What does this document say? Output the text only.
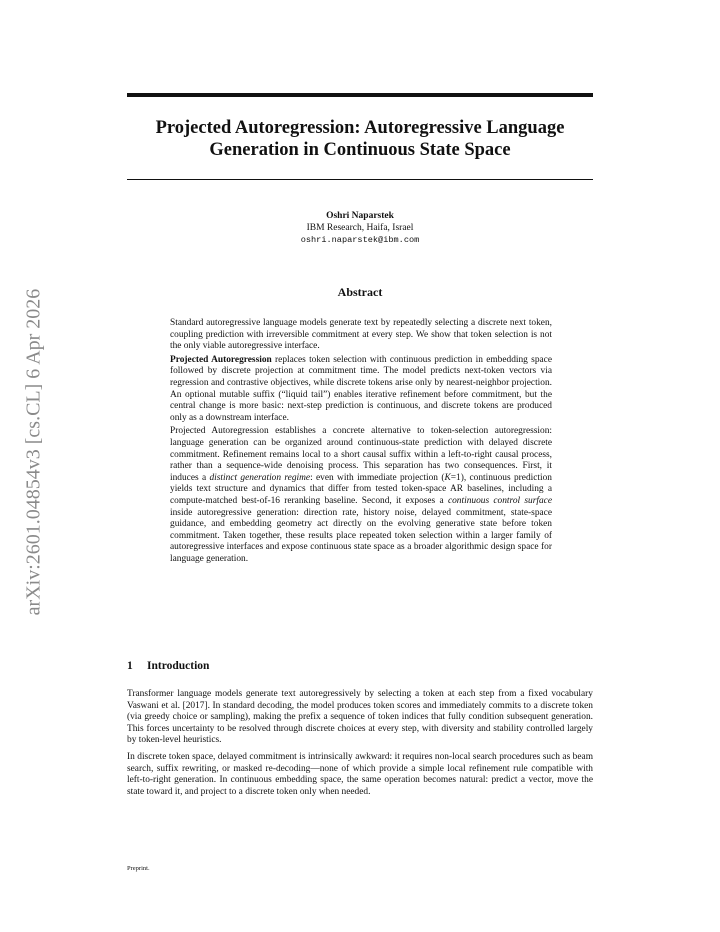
arXiv:2601.04854v3 [cs.CL] 6 Apr 2026
Projected Autoregression: Autoregressive Language
Generation in Continuous State Space
Oshri Naparstek
IBM Research, Haifa, Israel
oshri.naparstek@ibm.com
Abstract

Standard autoregressive language models generate text by repeatedly selecting a discrete next token, coupling prediction with irreversible commitment at every step. We show that token selection is not the only viable autoregressive interface.

Projected Autoregression replaces token selection with continuous prediction in embedding space followed by discrete projection at commitment time. The model predicts next-token vectors via regression and contrastive objectives, while discrete tokens arise only by nearest-neighbor projection. An optional mutable suffix (“liquid tail”) enables iterative refinement before commitment, but the central change is more basic: next-step prediction is continuous, and discrete tokens are produced only as a downstream interface.

Projected Autoregression establishes a concrete alternative to token-selection autoregression: language generation can be organized around continuous-state prediction with delayed discrete commitment. Refinement remains local to a short causal suffix within a left-to-right causal process, rather than a sequence-wide denoising process. This separation has two consequences. First, it induces a distinct generation regime: even with immediate projection (K=1), continuous prediction yields text structure and dynamics that differ from tested token-space AR baselines, including a compute-matched best-of-16 reranking baseline. Second, it exposes a continuous control surface inside autoregressive generation: direction rate, history noise, delayed commitment, state-space guidance, and embedding geometry act directly on the evolving generative state before token commitment. Taken together, these results place repeated token selection within a larger family of autoregressive interfaces and expose continuous state space as a broader algorithmic design space for language generation.

1 Introduction

Transformer language models generate text autoregressively by selecting a token at each step from a fixed vocabulary Vaswani et al. [2017]. In standard decoding, the model produces token scores and immediately commits to a discrete token (via greedy choice or sampling), making the prefix a sequence of token indices that fully condition subsequent generation. This forces uncertainty to be resolved through discrete choices at every step, with diversity and stability controlled largely by token-level heuristics.

In discrete token space, delayed commitment is intrinsically awkward: it requires non-local search procedures such as beam search, suffix rewriting, or masked re-decoding—none of which provide a simple local refinement rule compatible with left-to-right generation. In continuous embedding space, the same operation becomes natural: predict a vector, move the state toward it, and project to a discrete token only when needed.

Preprint.
